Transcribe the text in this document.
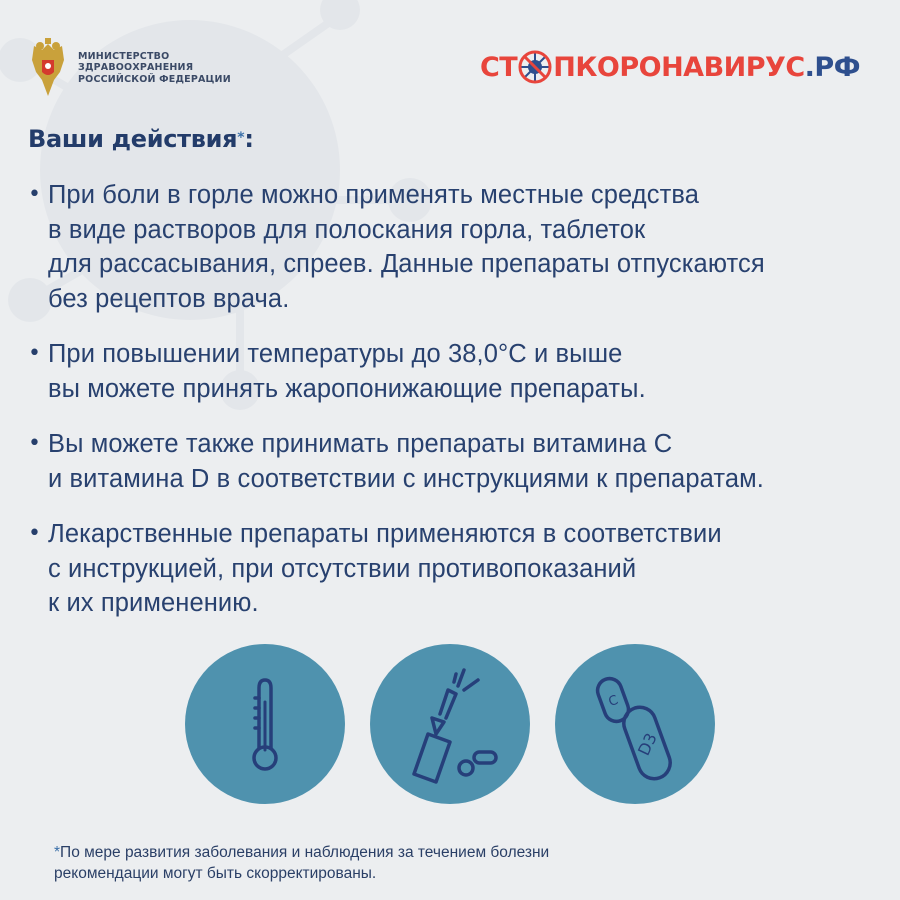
МИНИСТЕРСТВО
ЗДРАВООХРАНЕНИЯ
РОССИЙСКОЙ ФЕДЕРАЦИИ	СТ ПКОРОНАВИРУС .РФ
Ваши действия⁎:
• При боли в горле можно применять местные средства
в виде растворов для полоскания горла, таблеток
для рассасывания, спреев. Данные препараты отпускаются
без рецептов врача.
• При повышении температуры до 38,0°С и выше
вы можете принять жаропонижающие препараты.
• Вы можете также принимать препараты витамина С
и витамина D в соответствии с инструкциями к препаратам.
• Лекарственные препараты применяются в соответствии
с инструкцией, при отсутствии противопоказаний
к их применению.
C
D3
*По мере развития заболевания и наблюдения за течением болезни
рекомендации могут быть скорректированы.
